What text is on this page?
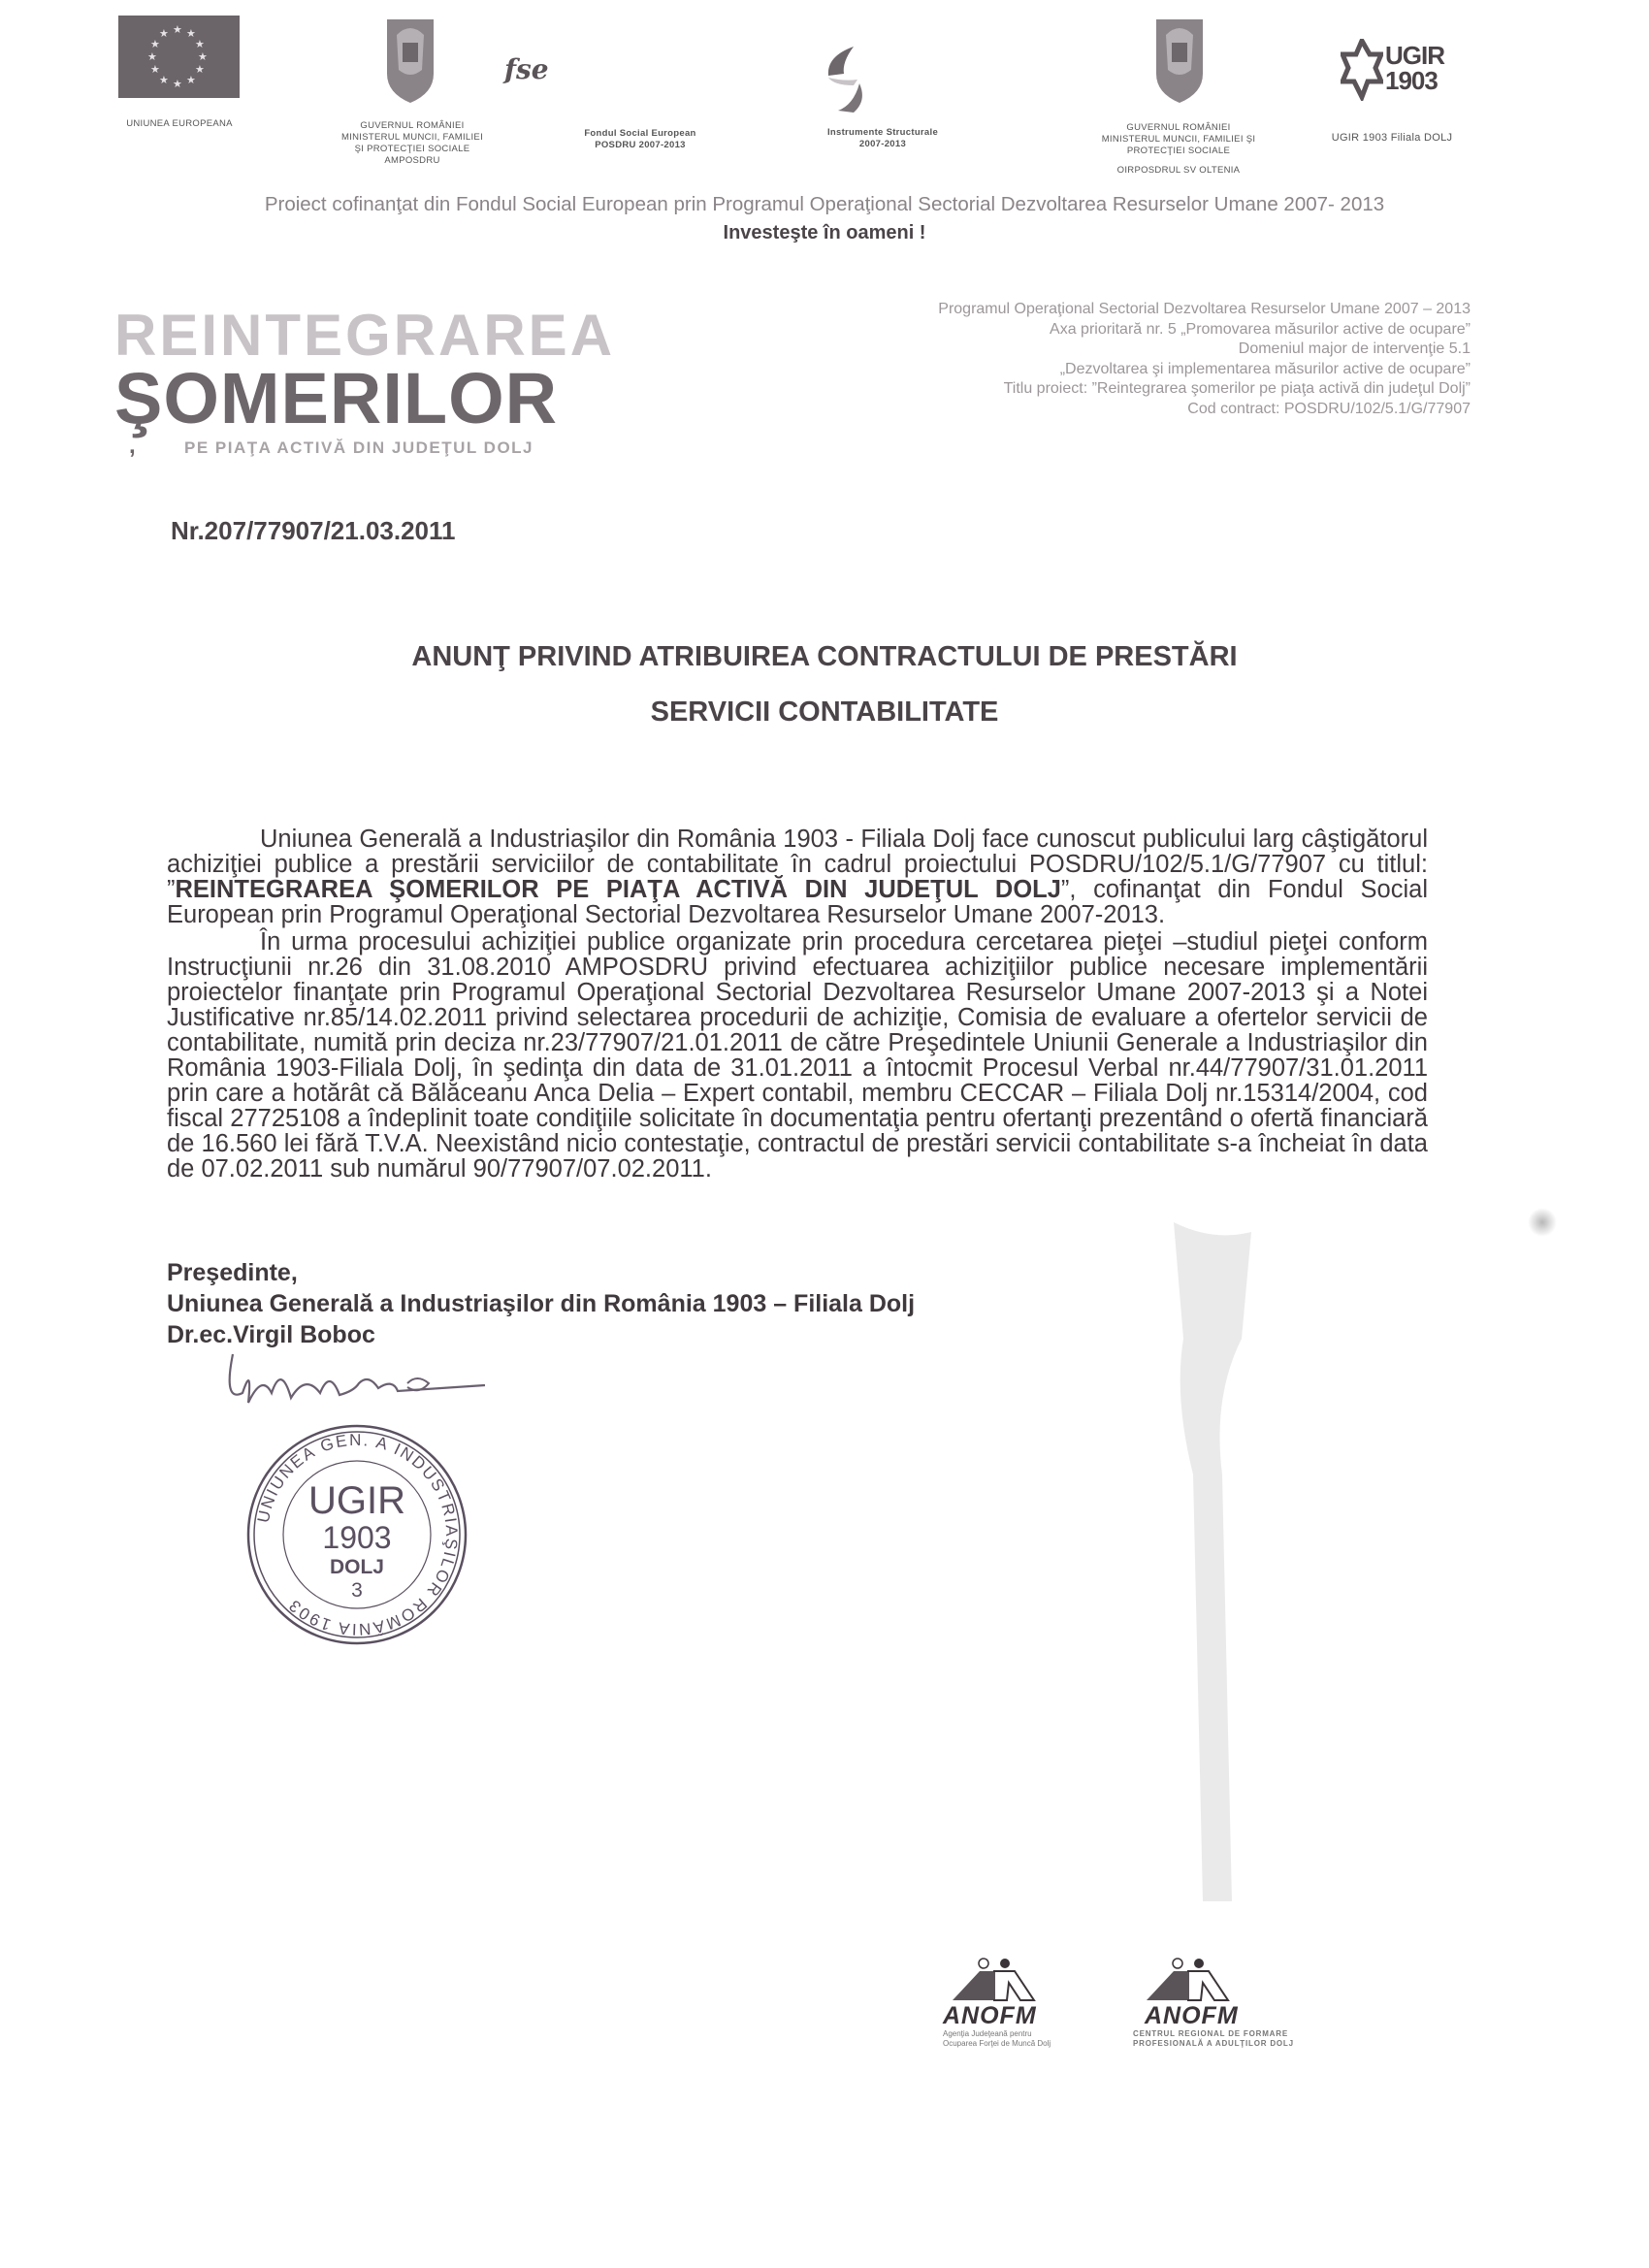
★ ★
★
★
★
★
★
★
★
★
★ ★
UNIUNEA EUROPEANA	GUVERNUL ROMÂNIEI
MINISTERUL MUNCII, FAMILIEI
ŞI PROTECŢIEI SOCIALE
AMPOSDRU
fse
Fondul Social European
POSDRU 2007-2013
Instrumente Structurale
2007-2013
GUVERNUL ROMÂNIEI
MINISTERUL MUNCII, FAMILIEI ŞI
PROTECŢIEI SOCIALE
OIRPOSDRUL SV OLTENIA
UGIR
1903
UGIR 1903 Filiala DOLJ
Proiect cofinanţat din Fondul Social European prin Programul Operaţional Sectorial Dezvoltarea Resurselor Umane 2007- 2013
Investeşte în oameni !
REINTEGRAREA
ŞOMERILOR
,	PE PIAŢA ACTIVĂ DIN JUDEŢUL DOLJ
Programul Operaţional Sectorial Dezvoltarea Resurselor Umane 2007 – 2013
Axa prioritară nr. 5 „Promovarea măsurilor active de ocupare”
Domeniul major de intervenţie 5.1
„Dezvoltarea şi implementarea măsurilor active de ocupare”
Titlu proiect: ”Reintegrarea şomerilor pe piaţa activă din judeţul Dolj”
Cod contract: POSDRU/102/5.1/G/77907
Nr.207/77907/21.03.2011
ANUNŢ PRIVIND ATRIBUIREA CONTRACTULUI DE PRESTĂRI
SERVICII CONTABILITATE

Uniunea Generală a Industriaşilor din România 1903 - Filiala Dolj face cunoscut publicului larg câştigătorul achiziţiei publice a prestării serviciilor de contabilitate în cadrul proiectului POSDRU/102/5.1/G/77907 cu titlul: ”REINTEGRAREA ŞOMERILOR PE PIAŢA ACTIVĂ DIN JUDEŢUL DOLJ”, cofinanţat din Fondul Social European prin Programul Operaţional Sectorial Dezvoltarea Resurselor Umane 2007-2013.

În urma procesului achiziţiei publice organizate prin procedura cercetarea pieţei –studiul pieţei conform Instrucţiunii nr.26 din 31.08.2010 AMPOSDRU privind efectuarea achiziţiilor publice necesare implementării proiectelor finanţate prin Programul Operaţional Sectorial Dezvoltarea Resurselor Umane 2007-2013 şi a Notei Justificative nr.85/14.02.2011 privind selectarea procedurii de achiziţie, Comisia de evaluare a ofertelor servicii de contabilitate, numită prin deciza nr.23/77907/21.01.2011 de către Preşedintele Uniunii Generale a Industriaşilor din România 1903-Filiala Dolj, în şedinţa din data de 31.01.2011 a întocmit Procesul Verbal nr.44/77907/31.01.2011 prin care a hotărât că Bălăceanu Anca Delia – Expert contabil, membru CECCAR – Filiala Dolj nr.15314/2004, cod fiscal 27725108 a îndeplinit toate condiţiile solicitate în documentaţia pentru ofertanţi prezentând o ofertă financiară de 16.560 lei fără T.V.A. Neexistând nicio contestaţie, contractul de prestări servicii contabilitate s-a încheiat în data de 07.02.2011 sub numărul 90/77907/07.02.2011.

Preşedinte,
Uniunea Generală a Industriaşilor din România 1903 – Filiala Dolj
Dr.ec.Virgil Boboc
UNIUNEA GEN. A INDUSTRIAŞILOR ROMÂNIA 1903
UGIR
1903
DOLJ
3
ANOFM
Agenţia Judeţeană pentru
Ocuparea Forţei de Muncă Dolj
ANOFM
CENTRUL REGIONAL DE FORMARE
PROFESIONALĂ A ADULŢILOR DOLJ
